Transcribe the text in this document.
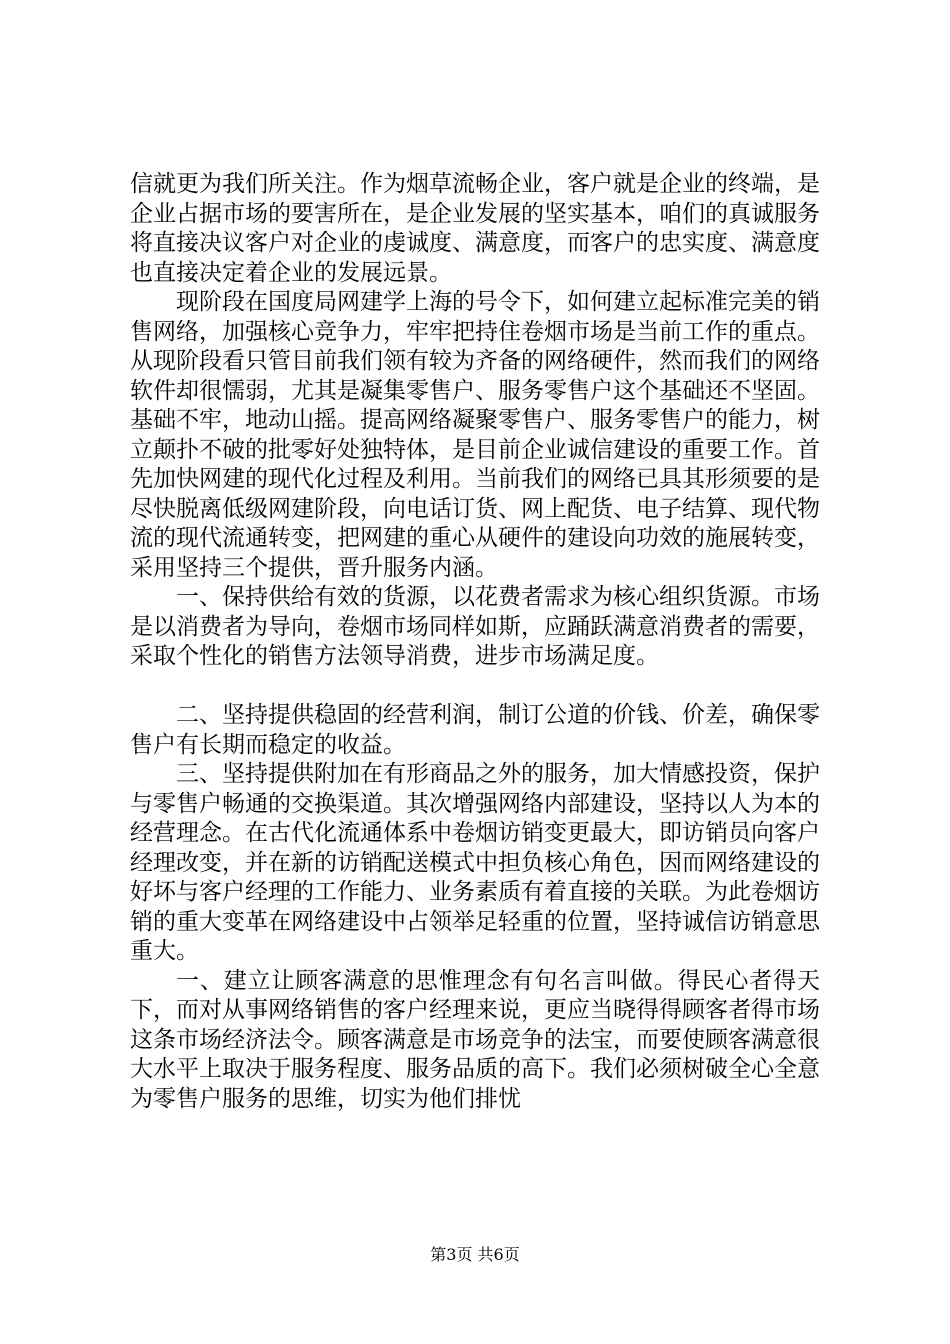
信就更为我们所关注。作为烟草流畅企业，客户就是企业的终端，是企业占据市场的要害所在，是企业发展的坚实基本，咱们的真诚服务将直接决议客户对企业的虔诚度、满意度，而客户的忠实度、满意度也直接决定着企业的发展远景。

现阶段在国度局网建学上海的号令下，如何建立起标准完美的销售网络，加强核心竞争力，牢牢把持住卷烟市场是当前工作的重点。从现阶段看只管目前我们领有较为齐备的网络硬件，然而我们的网络软件却很懦弱，尤其是凝集零售户、服务零售户这个基础还不坚固。基础不牢，地动山摇。提高网络凝聚零售户、服务零售户的能力，树立颠扑不破的批零好处独特体，是目前企业诚信建设的重要工作。首先加快网建的现代化过程及利用。当前我们的网络已具其形须要的是尽快脱离低级网建阶段，向电话订货、网上配货、电子结算、现代物流的现代流通转变，把网建的重心从硬件的建设向功效的施展转变，采用坚持三个提供，晋升服务内涵。

一、保持供给有效的货源，以花费者需求为核心组织货源。市场是以消费者为导向，卷烟市场同样如斯，应踊跃满意消费者的需要，采取个性化的销售方法领导消费，进步市场满足度。

二、坚持提供稳固的经营利润，制订公道的价钱、价差，确保零售户有长期而稳定的收益。

三、坚持提供附加在有形商品之外的服务，加大情感投资，保护与零售户畅通的交换渠道。其次增强网络内部建设，坚持以人为本的经营理念。在古代化流通体系中卷烟访销变更最大，即访销员向客户经理改变，并在新的访销配送模式中担负核心角色，因而网络建设的好坏与客户经理的工作能力、业务素质有着直接的关联。为此卷烟访销的重大变革在网络建设中占领举足轻重的位置，坚持诚信访销意思重大。

一、建立让顾客满意的思惟理念有句名言叫做。得民心者得天下，而对从事网络销售的客户经理来说，更应当晓得得顾客者得市场这条市场经济法令。顾客满意是市场竞争的法宝，而要使顾客满意很大水平上取决于服务程度、服务品质的高下。我们必须树破全心全意为零售户服务的思维，切实为他们排忧

第3页 共6页
